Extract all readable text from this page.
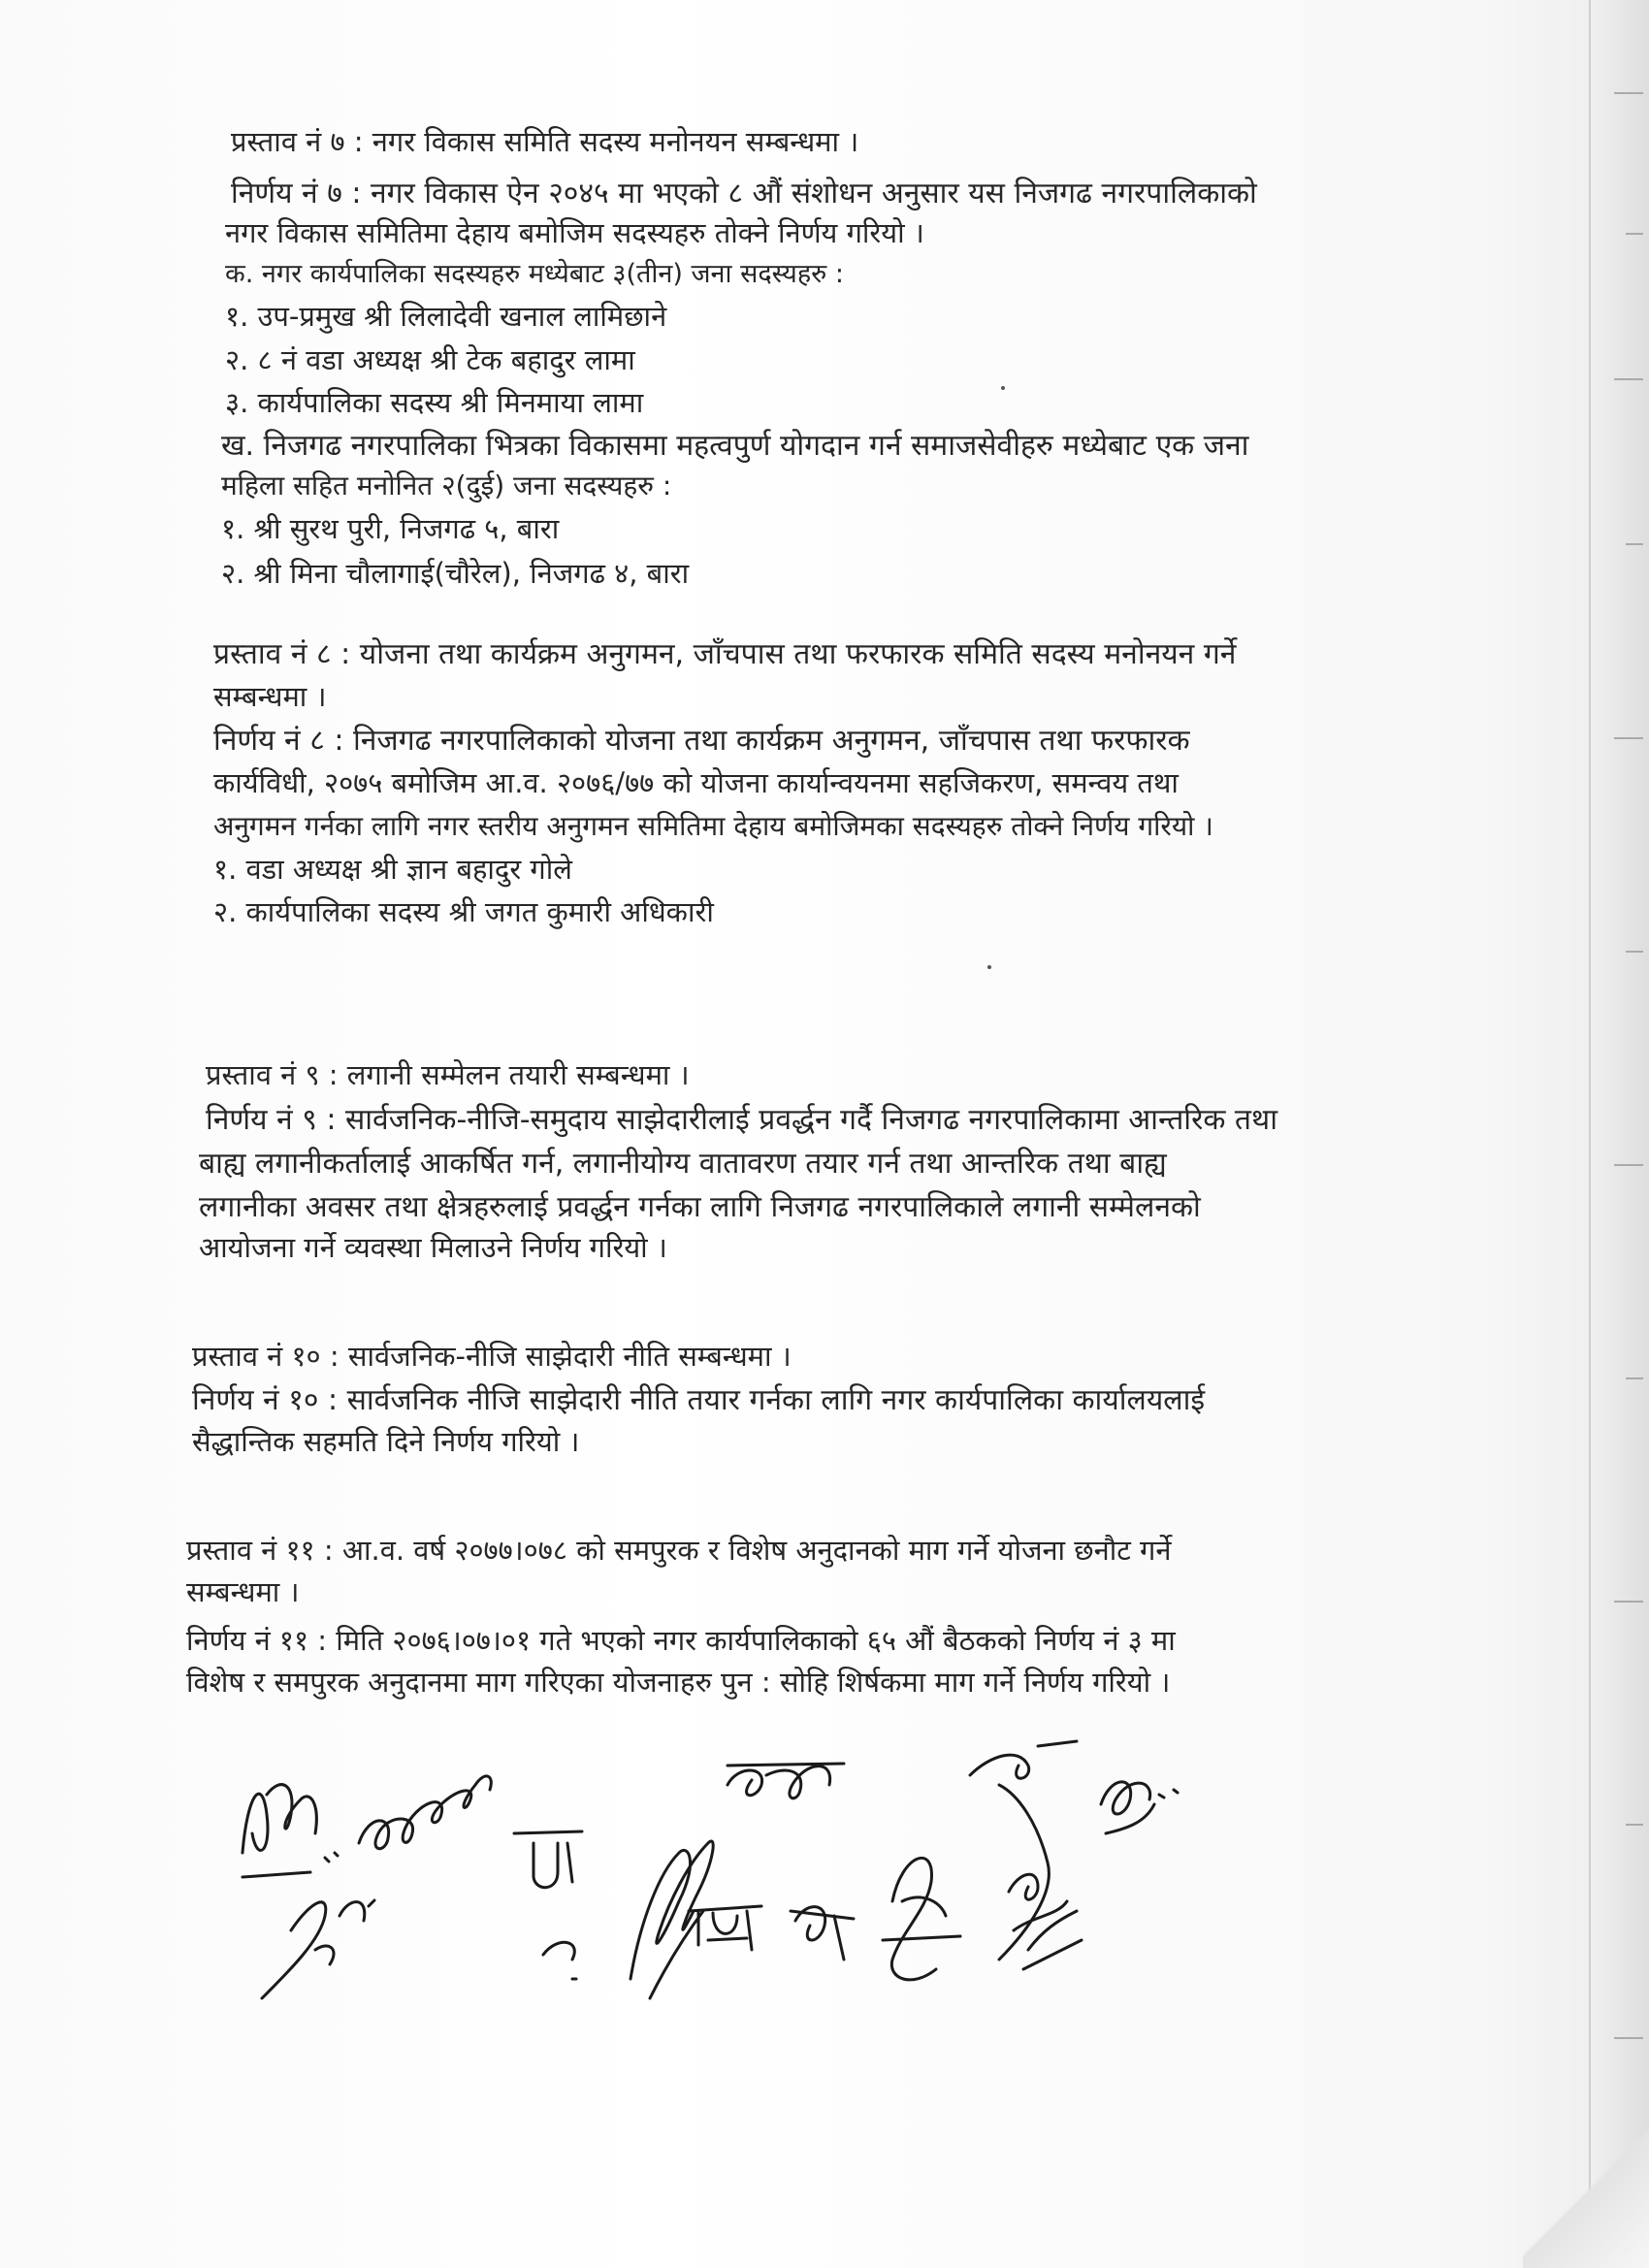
प्रस्ताव नं ७ : नगर विकास समिति सदस्य मनोनयन सम्बन्धमा ।

निर्णय नं ७ : नगर विकास ऐन २०४५ मा भएको ८ औं संशोधन अनुसार यस निजगढ नगरपालिकाको

नगर विकास समितिमा देहाय बमोजिम सदस्यहरु तोक्ने निर्णय गरियो ।

क. नगर कार्यपालिका सदस्यहरु मध्येबाट ३(तीन) जना सदस्यहरु :

१. उप-प्रमुख श्री लिलादेवी खनाल लामिछाने

२. ८ नं वडा अध्यक्ष श्री टेक बहादुर लामा

३. कार्यपालिका सदस्य श्री मिनमाया लामा

ख. निजगढ नगरपालिका भित्रका विकासमा महत्वपुर्ण योगदान गर्न समाजसेवीहरु मध्येबाट एक जना

महिला सहित मनोनित २(दुई) जना सदस्यहरु :

१. श्री सुरथ पुरी, निजगढ ५, बारा

२. श्री मिना चौलागाई(चौरेल), निजगढ ४, बारा

प्रस्ताव नं ८ : योजना तथा कार्यक्रम अनुगमन, जाँचपास तथा फरफारक समिति सदस्य मनोनयन गर्ने

सम्बन्धमा ।

निर्णय नं ८ : निजगढ नगरपालिकाको योजना तथा कार्यक्रम अनुगमन, जाँचपास तथा फरफारक

कार्यविधी, २०७५ बमोजिम आ.व. २०७६/७७ को योजना कार्यान्वयनमा सहजिकरण, समन्वय तथा

अनुगमन गर्नका लागि नगर स्तरीय अनुगमन समितिमा देहाय बमोजिमका सदस्यहरु तोक्ने निर्णय गरियो ।

१. वडा अध्यक्ष श्री ज्ञान बहादुर गोले

२. कार्यपालिका सदस्य श्री जगत कुमारी अधिकारी

प्रस्ताव नं ९ : लगानी सम्मेलन तयारी सम्बन्धमा ।

निर्णय नं ९ : सार्वजनिक-नीजि-समुदाय साझेदारीलाई प्रवर्द्धन गर्दै निजगढ नगरपालिकामा आन्तरिक तथा

बाह्य लगानीकर्तालाई आकर्षित गर्न, लगानीयोग्य वातावरण तयार गर्न तथा आन्तरिक तथा बाह्य

लगानीका अवसर तथा क्षेत्रहरुलाई प्रवर्द्धन गर्नका लागि निजगढ नगरपालिकाले लगानी सम्मेलनको

आयोजना गर्ने व्यवस्था मिलाउने निर्णय गरियो ।

प्रस्ताव नं १० : सार्वजनिक-नीजि साझेदारी नीति सम्बन्धमा ।

निर्णय नं १० : सार्वजनिक नीजि साझेदारी नीति तयार गर्नका लागि नगर कार्यपालिका कार्यालयलाई

सैद्धान्तिक सहमति दिने निर्णय गरियो ।

प्रस्ताव नं ११ : आ.व. वर्ष २०७७।०७८ को समपुरक र विशेष अनुदानको माग गर्ने योजना छनौट गर्ने

सम्बन्धमा ।

निर्णय नं ११ : मिति २०७६।०७।०१ गते भएको नगर कार्यपालिकाको ६५ औं बैठकको निर्णय नं ३ मा

विशेष र समपुरक अनुदानमा माग गरिएका योजनाहरु पुन : सोहि शिर्षकमा माग गर्ने निर्णय गरियो ।
